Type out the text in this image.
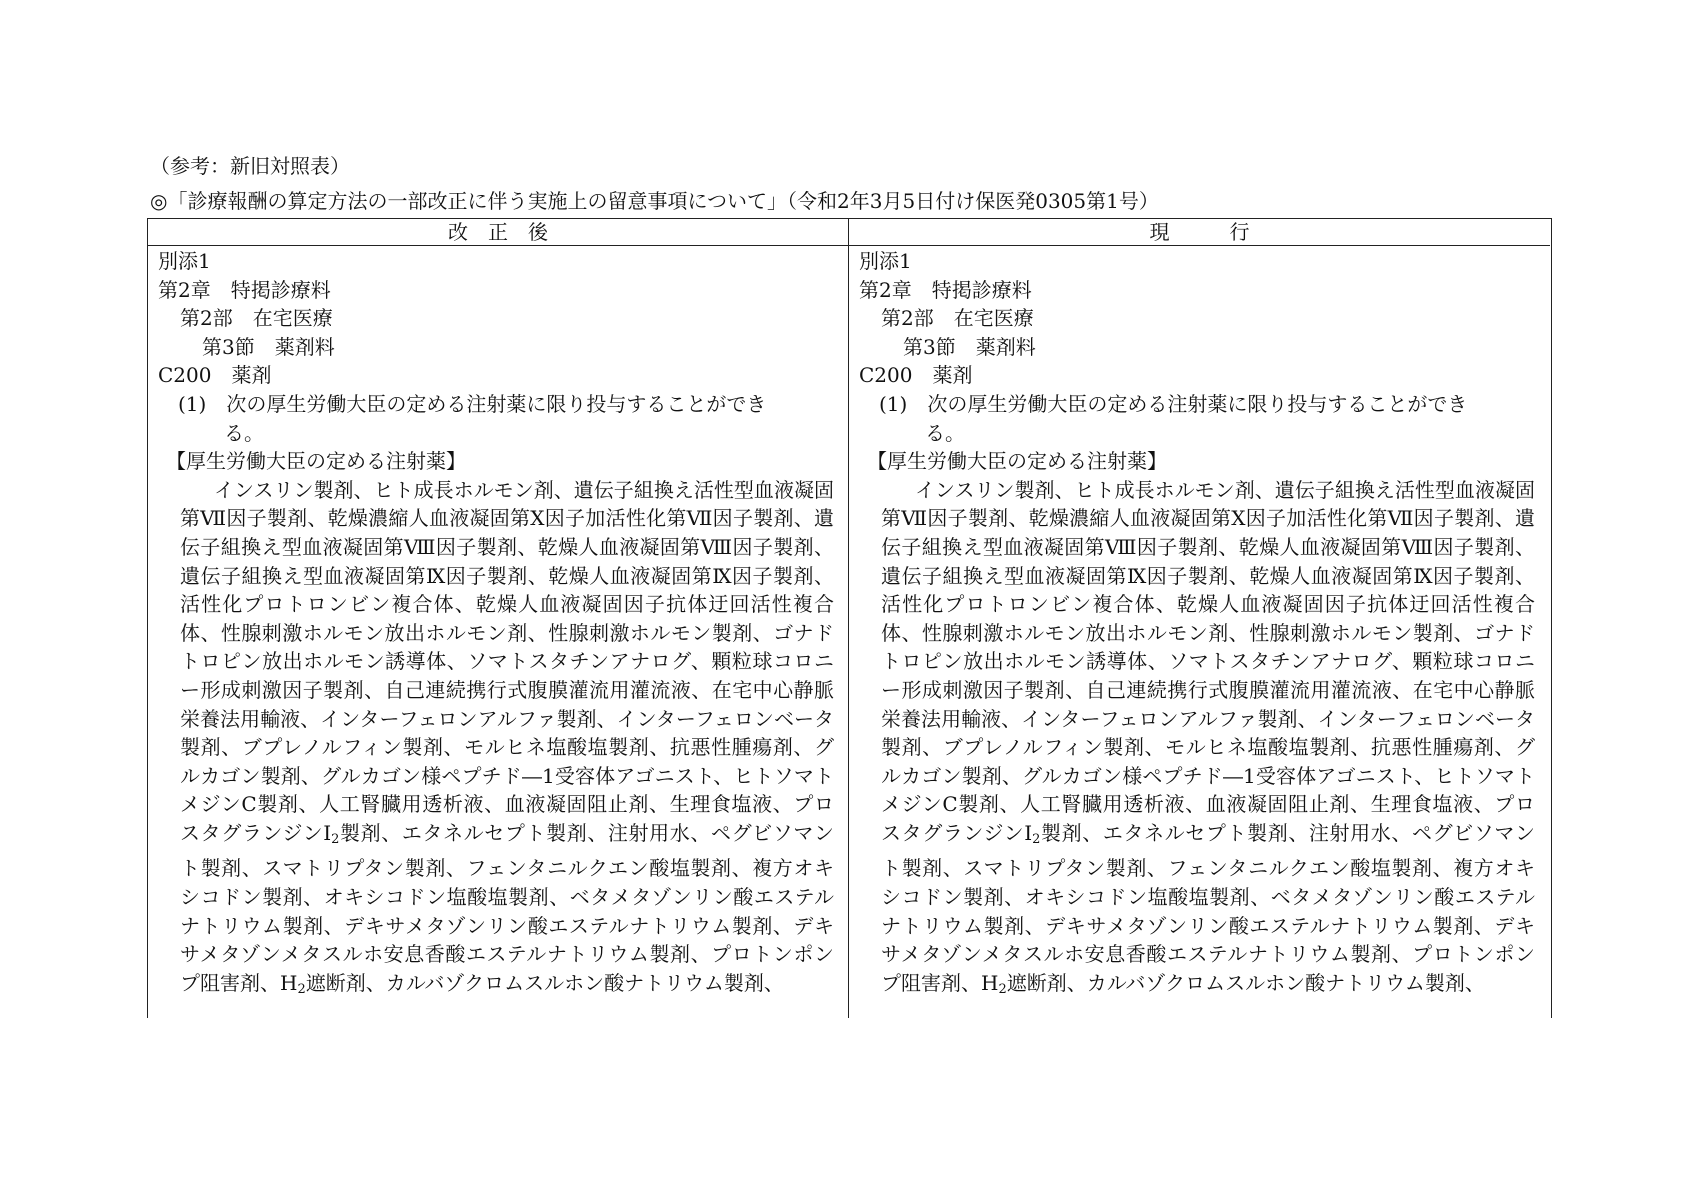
（参考：新旧対照表）
◎「診療報酬の算定方法の一部改正に伴う実施上の留意事項について」（令和2年3月5日付け保医発0305第1号）
改　正　後
別添1
第2章　特掲診療料
第2部　在宅医療
第3節　薬剤料
C200　薬剤
(1)　次の厚生労働大臣の定める注射薬に限り投与することができ
る。
【厚生労働大臣の定める注射薬】

インスリン製剤、ヒト成長ホルモン剤、遺伝子組換え活性型血液凝固第Ⅶ因子製剤、乾燥濃縮人血液凝固第Ⅹ因子加活性化第Ⅶ因子製剤、遺伝子組換え型血液凝固第Ⅷ因子製剤、乾燥人血液凝固第Ⅷ因子製剤、遺伝子組換え型血液凝固第Ⅸ因子製剤、乾燥人血液凝固第Ⅸ因子製剤、活性化プロトロンビン複合体、乾燥人血液凝固因子抗体迂回活性複合体、性腺刺激ホルモン放出ホルモン剤、性腺刺激ホルモン製剤、ゴナドトロピン放出ホルモン誘導体、ソマトスタチンアナログ、顆粒球コロニー形成刺激因子製剤、自己連続携行式腹膜灌流用灌流液、在宅中心静脈栄養法用輸液、インターフェロンアルファ製剤、インターフェロンベータ製剤、ブプレノルフィン製剤、モルヒネ塩酸塩製剤、抗悪性腫瘍剤、グルカゴン製剤、グルカゴン様ペプチド―1受容体アゴニスト、ヒトソマトメジンC製剤、人工腎臓用透析液、血液凝固阻止剤、生理食塩液、プロスタグランジン$I_2$製剤、エタネルセプト製剤、注射用水、ペグビソマント製剤、スマトリプタン製剤、フェンタニルクエン酸塩製剤、複方オキシコドン製剤、オキシコドン塩酸塩製剤、ベタメタゾンリン酸エステルナトリウム製剤、デキサメタゾンリン酸エステルナトリウム製剤、デキサメタゾンメタスルホ安息香酸エステルナトリウム製剤、プロトンポンプ阻害剤、$H_2$遮断剤、カルバゾクロムスルホン酸ナトリウム製剤、

現　　　行
別添1
第2章　特掲診療料
第2部　在宅医療
第3節　薬剤料
C200　薬剤
(1)　次の厚生労働大臣の定める注射薬に限り投与することができ
る。
【厚生労働大臣の定める注射薬】

インスリン製剤、ヒト成長ホルモン剤、遺伝子組換え活性型血液凝固第Ⅶ因子製剤、乾燥濃縮人血液凝固第Ⅹ因子加活性化第Ⅶ因子製剤、遺伝子組換え型血液凝固第Ⅷ因子製剤、乾燥人血液凝固第Ⅷ因子製剤、遺伝子組換え型血液凝固第Ⅸ因子製剤、乾燥人血液凝固第Ⅸ因子製剤、活性化プロトロンビン複合体、乾燥人血液凝固因子抗体迂回活性複合体、性腺刺激ホルモン放出ホルモン剤、性腺刺激ホルモン製剤、ゴナドトロピン放出ホルモン誘導体、ソマトスタチンアナログ、顆粒球コロニー形成刺激因子製剤、自己連続携行式腹膜灌流用灌流液、在宅中心静脈栄養法用輸液、インターフェロンアルファ製剤、インターフェロンベータ製剤、ブプレノルフィン製剤、モルヒネ塩酸塩製剤、抗悪性腫瘍剤、グルカゴン製剤、グルカゴン様ペプチド―1受容体アゴニスト、ヒトソマトメジンC製剤、人工腎臓用透析液、血液凝固阻止剤、生理食塩液、プロスタグランジン$I_2$製剤、エタネルセプト製剤、注射用水、ペグビソマント製剤、スマトリプタン製剤、フェンタニルクエン酸塩製剤、複方オキシコドン製剤、オキシコドン塩酸塩製剤、ベタメタゾンリン酸エステルナトリウム製剤、デキサメタゾンリン酸エステルナトリウム製剤、デキサメタゾンメタスルホ安息香酸エステルナトリウム製剤、プロトンポンプ阻害剤、$H_2$遮断剤、カルバゾクロムスルホン酸ナトリウム製剤、
